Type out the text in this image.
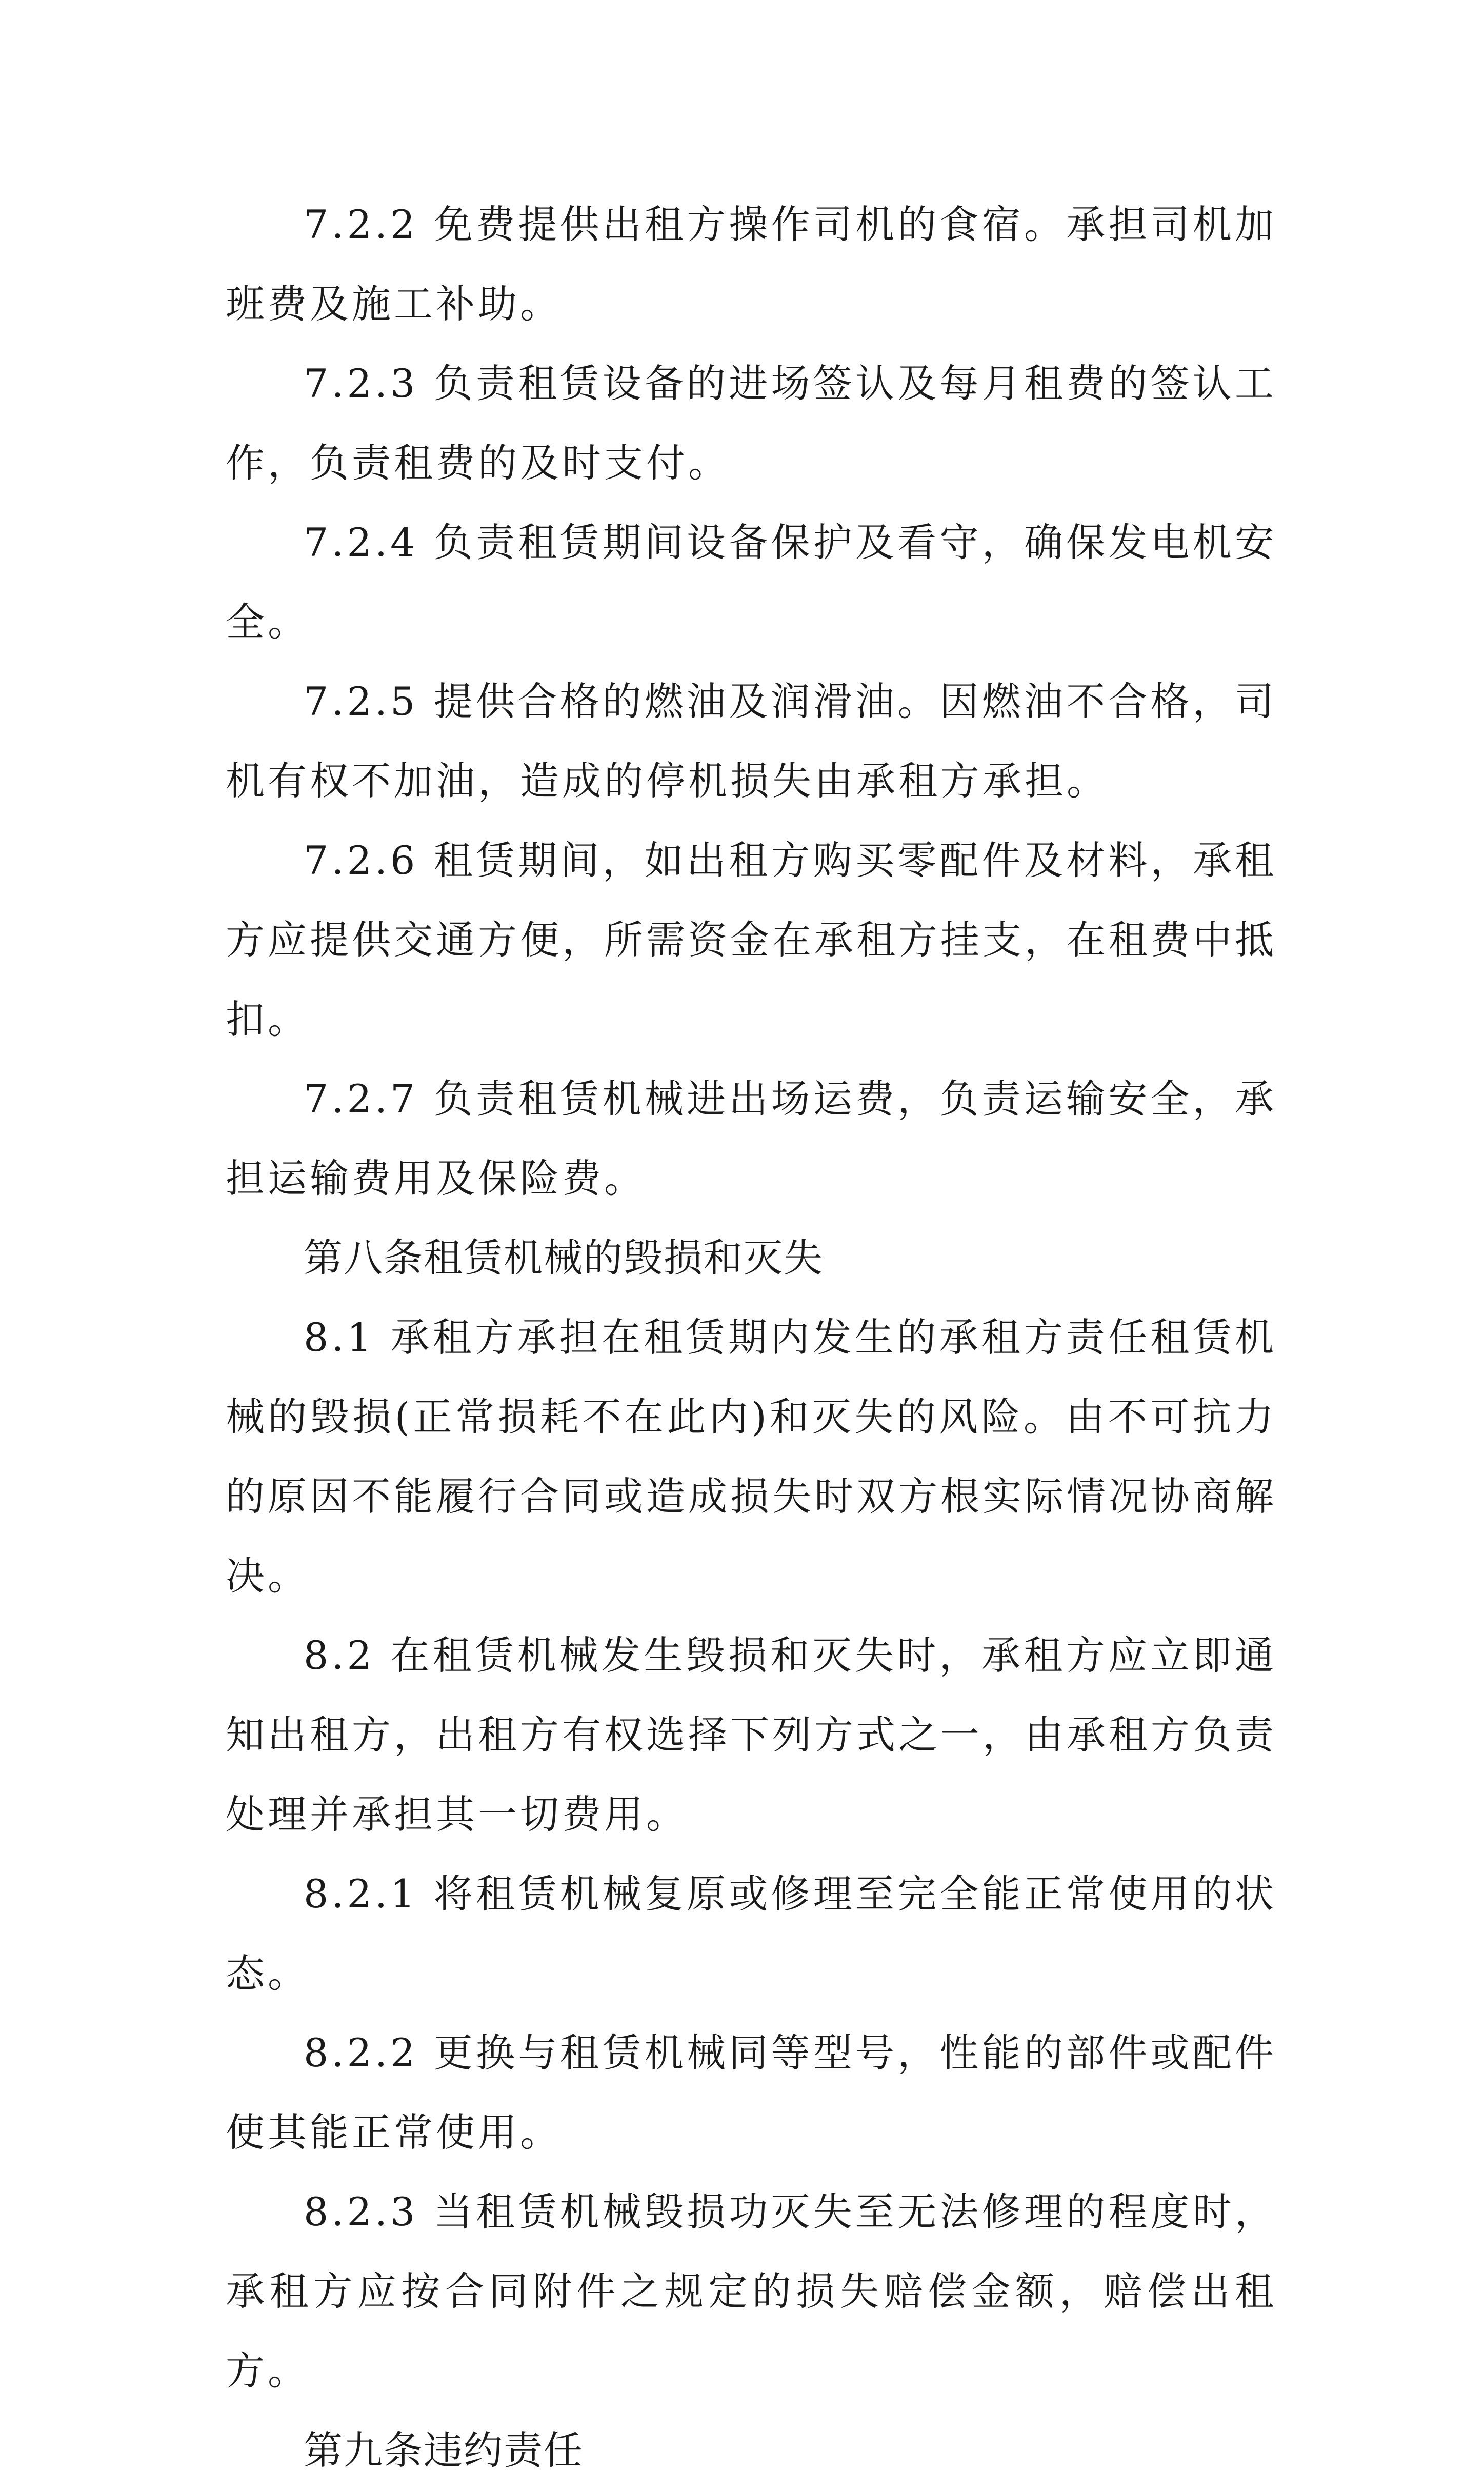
7.2.2 免费提供出租方操作司机的食宿。承担司机加班费及施工补助。

7.2.3 负责租赁设备的进场签认及每月租费的签认工作，负责租费的及时支付。

7.2.4 负责租赁期间设备保护及看守，确保发电机安全。

7.2.5 提供合格的燃油及润滑油。因燃油不合格，司机有权不加油，造成的停机损失由承租方承担。

7.2.6 租赁期间，如出租方购买零配件及材料，承租方应提供交通方便，所需资金在承租方挂支，在租费中抵扣。

7.2.7 负责租赁机械进出场运费，负责运输安全，承担运输费用及保险费。

第八条租赁机械的毁损和灭失

8.1 承租方承担在租赁期内发生的承租方责任租赁机械的毁损(正常损耗不在此内)和灭失的风险。由不可抗力的原因不能履行合同或造成损失时双方根实际情况协商解决。

8.2 在租赁机械发生毁损和灭失时，承租方应立即通知出租方，出租方有权选择下列方式之一，由承租方负责处理并承担其一切费用。

8.2.1 将租赁机械复原或修理至完全能正常使用的状态。

8.2.2 更换与租赁机械同等型号，性能的部件或配件使其能正常使用。

8.2.3 当租赁机械毁损功灭失至无法修理的程度时，承租方应按合同附件之规定的损失赔偿金额，赔偿出租方。

第九条违约责任
